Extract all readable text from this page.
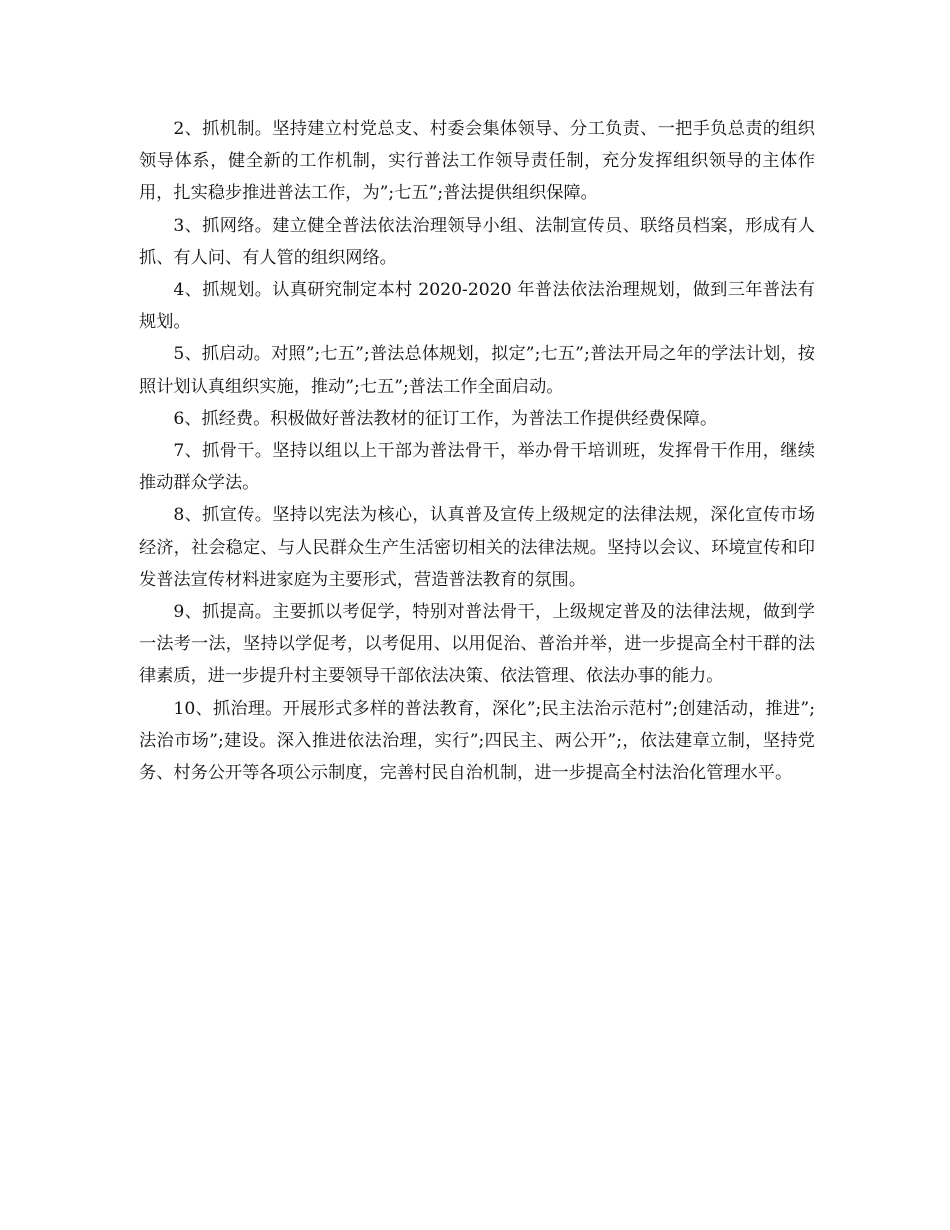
2、抓机制。坚持建立村党总支、村委会集体领导、分工负责、一把手负总责的组织领导体系，健全新的工作机制，实行普法工作领导责任制，充分发挥组织领导的主体作用，扎实稳步推进普法工作，为”;七五”;普法提供组织保障。

3、抓网络。建立健全普法依法治理领导小组、法制宣传员、联络员档案，形成有人抓、有人问、有人管的组织网络。

4、抓规划。认真研究制定本村 2020-2020 年普法依法治理规划，做到三年普法有规划。

5、抓启动。对照”;七五”;普法总体规划，拟定”;七五”;普法开局之年的学法计划，按照计划认真组织实施，推动”;七五”;普法工作全面启动。

6、抓经费。积极做好普法教材的征订工作，为普法工作提供经费保障。

7、抓骨干。坚持以组以上干部为普法骨干，举办骨干培训班，发挥骨干作用，继续推动群众学法。

8、抓宣传。坚持以宪法为核心，认真普及宣传上级规定的法律法规，深化宣传市场经济，社会稳定、与人民群众生产生活密切相关的法律法规。坚持以会议、环境宣传和印发普法宣传材料进家庭为主要形式，营造普法教育的氛围。

9、抓提高。主要抓以考促学，特别对普法骨干，上级规定普及的法律法规，做到学一法考一法，坚持以学促考，以考促用、以用促治、普治并举，进一步提高全村干群的法律素质，进一步提升村主要领导干部依法决策、依法管理、依法办事的能力。

10、抓治理。开展形式多样的普法教育，深化”;民主法治示范村”;创建活动，推进”;法治市场”;建设。深入推进依法治理，实行”;四民主、两公开”;，依法建章立制，坚持党务、村务公开等各项公示制度，完善村民自治机制，进一步提高全村法治化管理水平。
